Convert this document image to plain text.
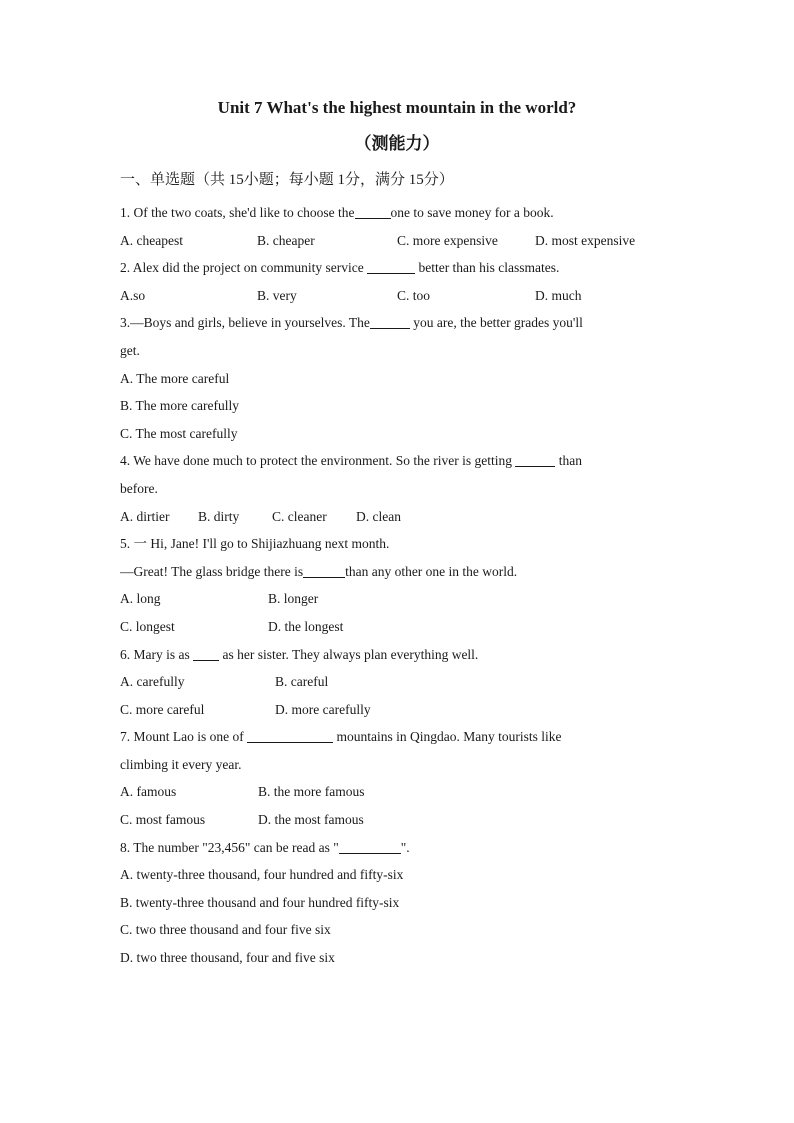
Unit 7 What's the highest mountain in the world?
（测能力）
一、单选题（共 15小题；每小题 1分，满分 15分）
1. Of the two coats, she'd like to choose the	one to save money for a book.
A. cheapest	B. cheaper	C. more expensive	D. most expensive
2. Alex did the project on community service	better than his classmates.
A.so	B. very	C. too	D. much
3.—Boys and girls, believe in yourselves. The	you are, the better grades you'll
get.
A. The more careful
B. The more carefully
C. The most carefully
4. We have done much to protect the environment. So the river is getting	than
before.
A. dirtier B. dirty C. cleaner D. clean
5. 一 Hi, Jane! I'll go to Shijiazhuang next month.
—Great! The glass bridge there is	than any other one in the world.
A. long	B. longer
C. longest	D. the longest
6. Mary is as as her sister. They always plan everything well.
A. carefully	B. careful
C. more careful	D. more carefully
7. Mount Lao is one of	mountains in Qingdao. Many tourists like
climbing it every year.
A. famous	B. the more famous
C. most famous	D. the most famous
8. The number "23,456" can be read as "	".
A. twenty-three thousand, four hundred and fifty-six
B. twenty-three thousand and four hundred fifty-six
C. two three thousand and four five six
D. two three thousand, four and five six
